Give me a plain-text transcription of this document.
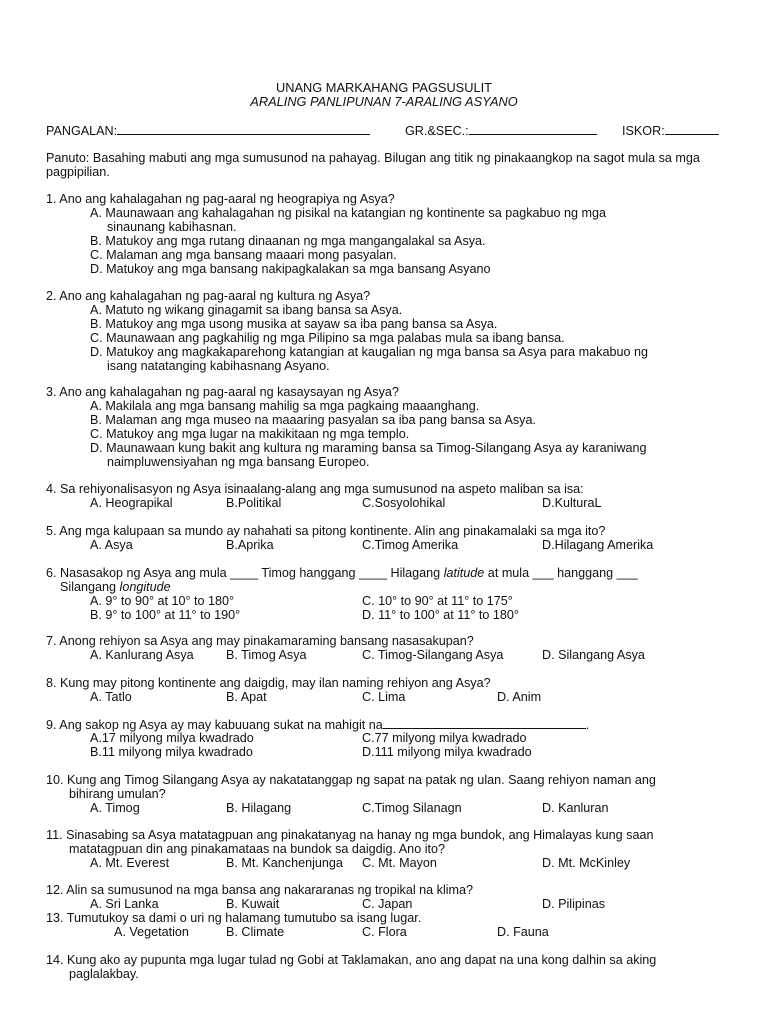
UNANG MARKAHANG PAGSUSULIT
ARALING PANLIPUNAN 7-ARALING ASYANO
PANGALAN:	GR.&SEC.:	ISKOR:
Panuto: Basahing mabuti ang mga sumusunod na pahayag. Bilugan ang titik ng pinakaangkop na sagot mula sa mga pagpipilian.
1. Ano ang kahalagahan ng pag-aaral ng heograpiya ng Asya?
A. Maunawaan ang kahalagahan ng pisikal na katangian ng kontinente sa pagkabuo ng mga
sinaunang kabihasnan.
B. Matukoy ang mga rutang dinaanan ng mga mangangalakal sa Asya.
C. Malaman ang mga bansang maaari mong pasyalan.
D. Matukoy ang mga bansang nakipagkalakan sa mga bansang Asyano
2. Ano ang kahalagahan ng pag-aaral ng kultura ng Asya?
A. Matuto ng wikang ginagamit sa ibang bansa sa Asya.
B. Matukoy ang mga usong musika at sayaw sa iba pang bansa sa Asya.
C. Maunawaan ang pagkahilig ng mga Pilipino sa mga palabas mula sa ibang bansa.
D. Matukoy ang magkakaparehong katangian at kaugalian ng mga bansa sa Asya para makabuo ng
isang natatanging kabihasnang Asyano.
3. Ano ang kahalagahan ng pag-aaral ng kasaysayan ng Asya?
A. Makilala ang mga bansang mahilig sa mga pagkaing maaanghang.
B. Malaman ang mga museo na maaaring pasyalan sa iba pang bansa sa Asya.
C. Matukoy ang mga lugar na makikitaan ng mga templo.
D. Maunawaan kung bakit ang kultura ng maraming bansa sa Timog-Silangang Asya ay karaniwang
naimpluwensiyahan ng mga bansang Europeo.
4. Sa rehiyonalisasyon ng Asya isinaalang-alang ang mga sumusunod na aspeto maliban sa isa:
A. Heograpikal	B.Politikal	C.Sosyolohikal	D.KulturaL
5. Ang mga kalupaan sa mundo ay nahahati sa pitong kontinente. Alin ang pinakamalaki sa mga ito?
A. Asya	B.Aprika	C.Timog Amerika	D.Hilagang Amerika
6. Nasasakop ng Asya ang mula ____ Timog hanggang ____ Hilagang latitude at mula ___ hanggang ___
Silangang longitude
A. 9° to 90° at 10° to 180°	C. 10° to 90° at 11° to 175°
B. 9° to 100° at 11° to 190°	D. 11° to 100° at 11° to 180°
7. Anong rehiyon sa Asya ang may pinakamaraming bansang nasasakupan?
A. Kanlurang Asya	B. Timog Asya	C. Timog-Silangang Asya	D. Silangang Asya
8. Kung may pitong kontinente ang daigdig, may ilan naming rehiyon ang Asya?
A. Tatlo	B. Apat	C. Lima	D. Anim
9. Ang sakop ng Asya ay may kabuuang sukat na mahigit na	.
A.17 milyong milya kwadrado	C.77 milyong milya kwadrado
B.11 milyong milya kwadrado	D.111 milyong milya kwadrado
10. Kung ang Timog Silangang Asya ay nakatatanggap ng sapat na patak ng ulan. Saang rehiyon naman ang
bihirang umulan?
A. Timog	B. Hilagang	C.Timog Silanagn	D. Kanluran
11. Sinasabing sa Asya matatagpuan ang pinakatanyag na hanay ng mga bundok, ang Himalayas kung saan
matatagpuan din ang pinakamataas na bundok sa daigdig. Ano ito?
A. Mt. Everest	B. Mt. Kanchenjunga C. Mt. Mayon	D. Mt. McKinley
12. Alin sa sumusunod na mga bansa ang nakararanas ng tropikal na klima?
A. Sri Lanka	B. Kuwait	C. Japan	D. Pilipinas
13. Tumutukoy sa dami o uri ng halamang tumutubo sa isang lugar.
A. Vegetation	B. Climate	C. Flora	D. Fauna
14. Kung ako ay pupunta mga lugar tulad ng Gobi at Taklamakan, ano ang dapat na una kong dalhin sa aking
paglalakbay.
